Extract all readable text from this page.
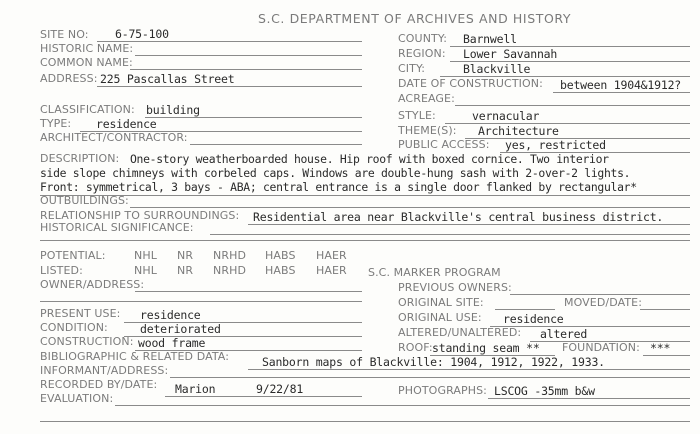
S.C. DEPARTMENT OF ARCHIVES AND HISTORY
SITE NO: 6-75-100	COUNTY: Barnwell
HISTORIC NAME:	REGION: Lower Savannah
COMMON NAME:	CITY:	Blackville
ADDRESS: 225 Pascallas Street	DATE OF CONSTRUCTION: between 1904&1912?
ACREAGE:
CLASSIFICATION: building	STYLE:	vernacular
TYPE: residence	THEME(S): Architecture
ARCHITECT/CONTRACTOR:
PUBLIC ACCESS: yes, restricted
DESCRIPTION: One-story weatherboarded house. Hip roof with boxed cornice. Two interior
side slope chimneys with corbeled caps. Windows are double-hung sash with 2-over-2 lights.
Front: symmetrical, 3 bays - ABA; central entrance is a single door flanked by rectangular*
OUTBUILDINGS:
RELATIONSHIP TO SURROUNDINGS: Residential area near Blackville's central business district.
HISTORICAL SIGNIFICANCE:
POTENTIAL:	NHL NR NRHD HABS HAER
LISTED:	NHL NR NRHD HABS HAER S.C. MARKER PROGRAM
OWNER/ADDRESS:	PREVIOUS OWNERS:
ORIGINAL SITE:	MOVED/DATE:
PRESENT USE: residence	ORIGINAL USE: residence
CONDITION:	deteriorated	ALTERED/UNALTERED: altered
CONSTRUCTION: wood frame	ROOF: standing seam ** FOUNDATION: ***
BIBLIOGRAPHIC & RELATED DATA:	Sanborn maps of Blackville: 1904, 1912, 1922, 1933.
INFORMANT/ADDRESS:
RECORDED BY/DATE: Marion	9/22/81	PHOTOGRAPHS: LSCOG -35mm b&w
EVALUATION:
